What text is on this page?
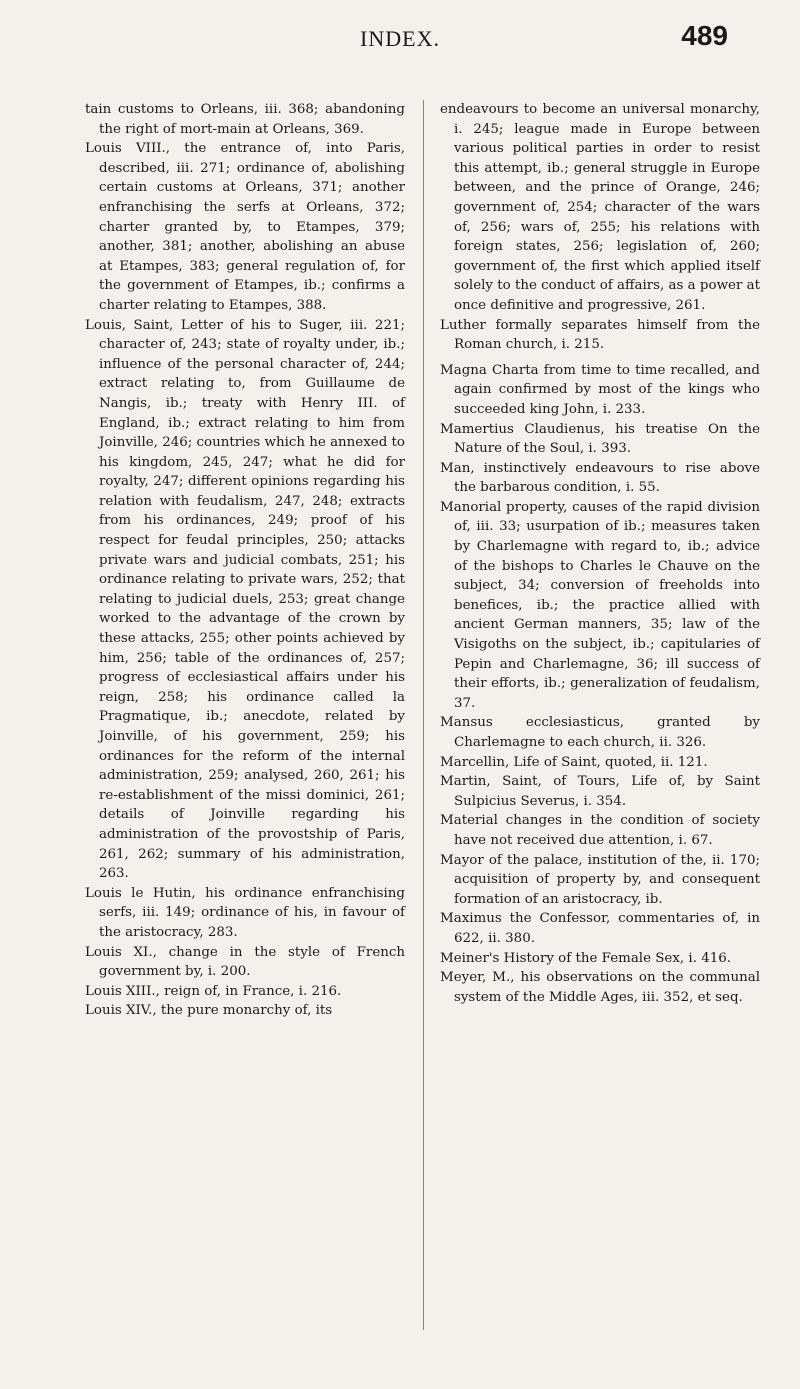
INDEX.	489

tain customs to Orleans, iii. 368; abandoning the right of mort-main at Orleans, 369.

Louis VIII., the entrance of, into Paris, described, iii. 271; ordinance of, abolishing certain customs at Orleans, 371; another enfranchising the serfs at Orleans, 372; charter granted by, to Etampes, 379; another, 381; another, abolishing an abuse at Etampes, 383; general regulation of, for the government of Etampes, ib.; confirms a charter relating to Etampes, 388.

Louis, Saint, Letter of his to Suger, iii. 221; character of, 243; state of royalty under, ib.; influence of the personal character of, 244; extract relating to, from Guillaume de Nangis, ib.; treaty with Henry III. of England, ib.; extract relating to him from Joinville, 246; countries which he annexed to his kingdom, 245, 247; what he did for royalty, 247; different opinions regarding his relation with feudalism, 247, 248; extracts from his ordinances, 249; proof of his respect for feudal principles, 250; attacks private wars and judicial combats, 251; his ordinance relating to private wars, 252; that relating to judicial duels, 253; great change worked to the advantage of the crown by these attacks, 255; other points achieved by him, 256; table of the ordinances of, 257; progress of ecclesiastical affairs under his reign, 258; his ordinance called la Pragmatique, ib.; anecdote, related by Joinville, of his government, 259; his ordinances for the reform of the internal administration, 259; analysed, 260, 261; his re-establishment of the missi dominici, 261; details of Joinville regarding his administration of the provostship of Paris, 261, 262; summary of his administration, 263.

Louis le Hutin, his ordinance enfranchising serfs, iii. 149; ordinance of his, in favour of the aristocracy, 283.

Louis XI., change in the style of French government by, i. 200.

Louis XIII., reign of, in France, i. 216.

Louis XIV., the pure monarchy of, its

endeavours to become an universal monarchy, i. 245; league made in Europe between various political parties in order to resist this attempt, ib.; general struggle in Europe between, and the prince of Orange, 246; government of, 254; character of the wars of, 256; wars of, 255; his relations with foreign states, 256; legislation of, 260; government of, the first which applied itself solely to the conduct of affairs, as a power at once definitive and progressive, 261.

Luther formally separates himself from the Roman church, i. 215.

Magna Charta from time to time recalled, and again confirmed by most of the kings who succeeded king John, i. 233.

Mamertius Claudienus, his treatise On the Nature of the Soul, i. 393.

Man, instinctively endeavours to rise above the barbarous condition, i. 55.

Manorial property, causes of the rapid division of, iii. 33; usurpation of ib.; measures taken by Charlemagne with regard to, ib.; advice of the bishops to Charles le Chauve on the subject, 34; conversion of freeholds into benefices, ib.; the practice allied with ancient German manners, 35; law of the Visigoths on the subject, ib.; capitularies of Pepin and Charlemagne, 36; ill success of their efforts, ib.; generalization of feudalism, 37.

Mansus ecclesiasticus, granted by Charlemagne to each church, ii. 326.

Marcellin, Life of Saint, quoted, ii. 121.

Martin, Saint, of Tours, Life of, by Saint Sulpicius Severus, i. 354.

Material changes in the condition of society have not received due attention, i. 67.

Mayor of the palace, institution of the, ii. 170; acquisition of property by, and consequent formation of an aristocracy, ib.

Maximus the Confessor, commentaries of, in 622, ii. 380.

Meiner's History of the Female Sex, i. 416.

Meyer, M., his observations on the communal system of the Middle Ages, iii. 352, et seq.
